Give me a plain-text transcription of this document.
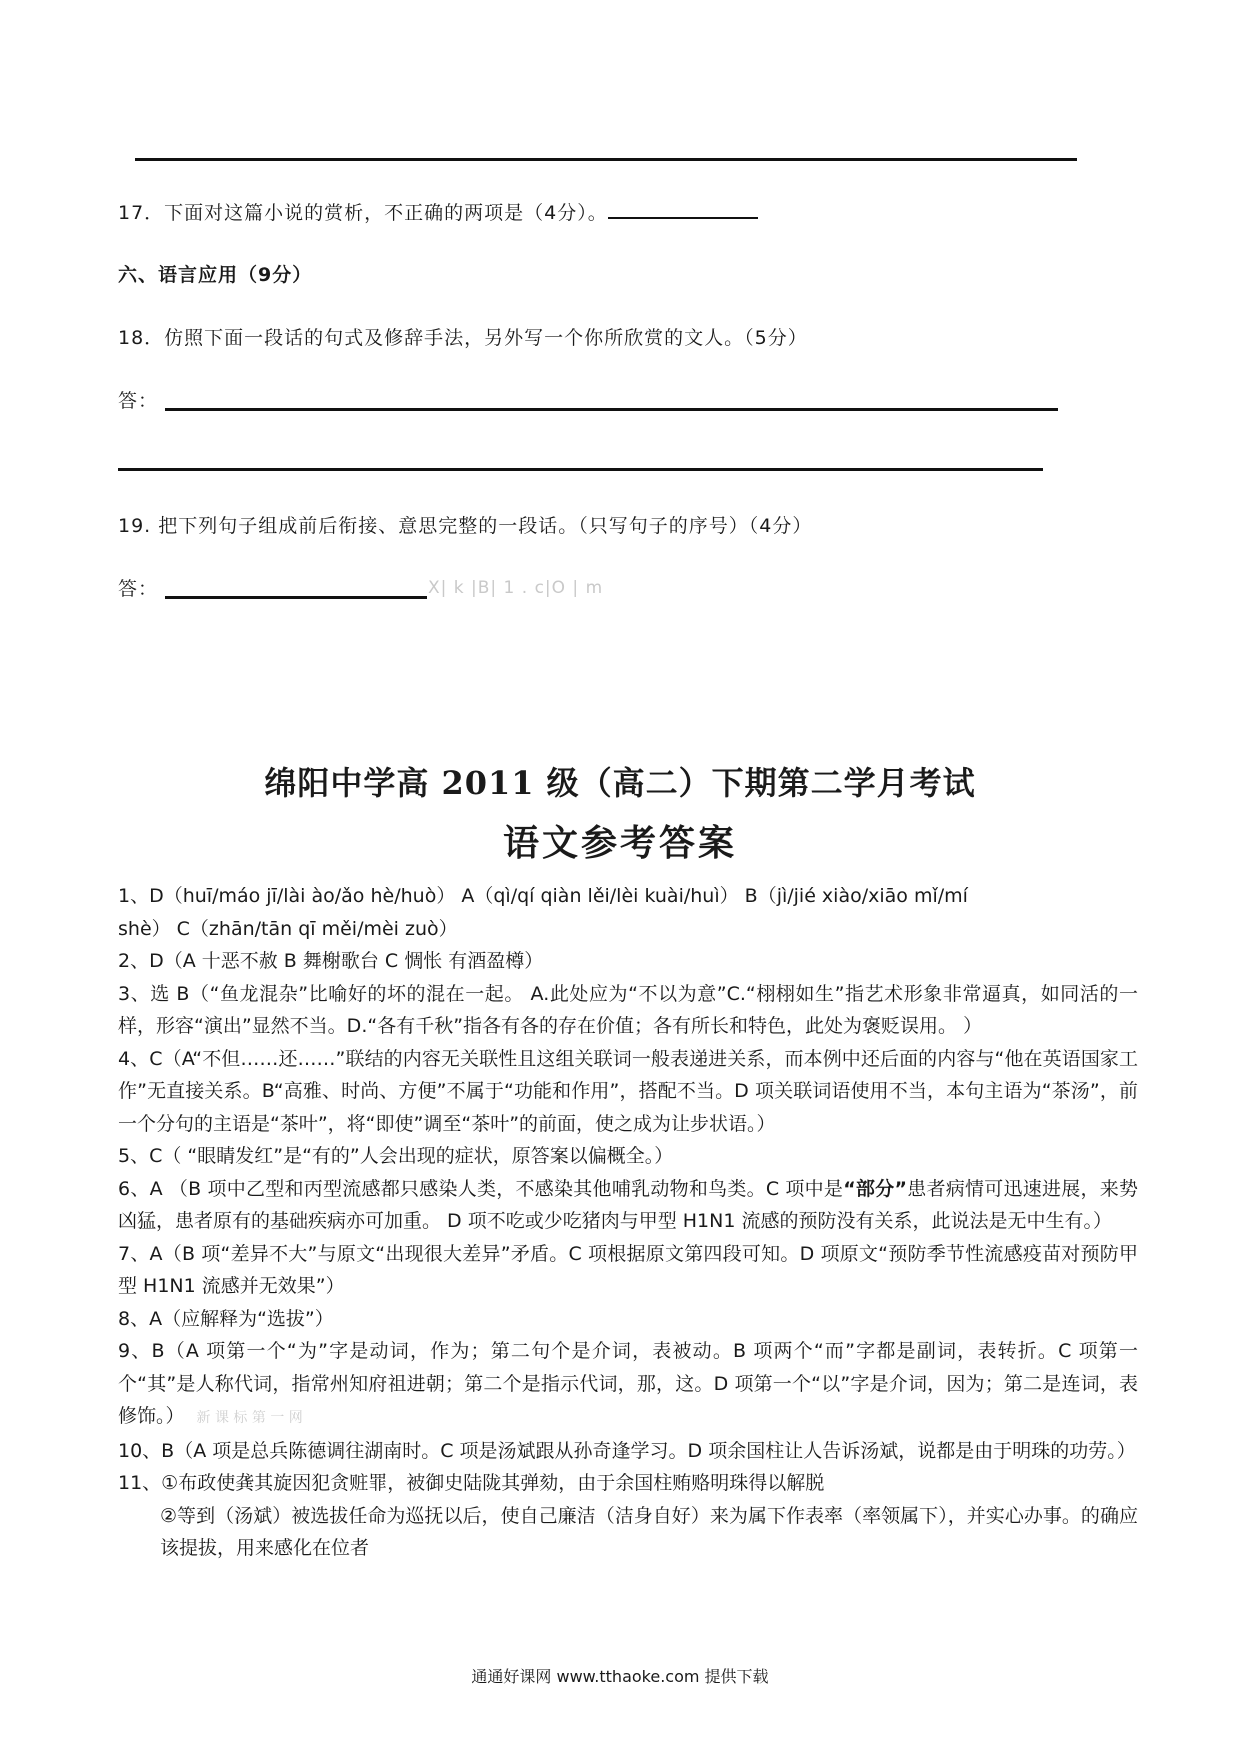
17．下面对这篇小说的赏析，不正确的两项是（4分）。
六、语言应用（9分）
18．仿照下面一段话的句式及修辞手法，另外写一个你所欣赏的文人。（5分）
答：
19. 把下列句子组成前后衔接、意思完整的一段话。（只写句子的序号）（4分）
答：	X| k |B| 1 . c|O | m
绵阳中学高 2011 级（高二）下期第二学月考试
语文参考答案

1、D（huī/máo jī/lài ào/ǎo hè/huò） A（qì/qí qiàn lěi/lèi kuài/huì） B（jì/jié xiào/xiāo mǐ/mí

shè） C（zhān/tān qī měi/mèi zuò）

2、D（A 十恶不赦 B 舞榭歌台 C 惆怅 有酒盈樽）

3、选 B（“鱼龙混杂”比喻好的坏的混在一起。 A.此处应为“不以为意”C.“栩栩如生”指艺术形象非常逼真，如同活的一样，形容“演出”显然不当。D.“各有千秋”指各有各的存在价值；各有所长和特色，此处为褒贬误用。 ）

4、C（A“不但……还……”联结的内容无关联性且这组关联词一般表递进关系，而本例中还后面的内容与“他在英语国家工作”无直接关系。B“高雅、时尚、方便”不属于“功能和作用”，搭配不当。D 项关联词语使用不当，本句主语为“茶汤”，前一个分句的主语是“茶叶”，将“即使”调至“茶叶”的前面，使之成为让步状语。）

5、C（ “眼睛发红”是“有的”人会出现的症状，原答案以偏概全。）

6、A （B 项中乙型和丙型流感都只感染人类，不感染其他哺乳动物和鸟类。C 项中是“部分”患者病情可迅速进展，来势凶猛，患者原有的基础疾病亦可加重。 D 项不吃或少吃猪肉与甲型 H1N1 流感的预防没有关系，此说法是无中生有。）

7、A（B 项“差异不大”与原文“出现很大差异”矛盾。C 项根据原文第四段可知。D 项原文“预防季节性流感疫苗对预防甲型 H1N1 流感并无效果”）

8、A（应解释为“选拔”）

9、B（A 项第一个“为”字是动词，作为；第二句个是介词，表被动。B 项两个“而”字都是副词，表转折。C 项第一个“其”是人称代词，指常州知府祖进朝；第二个是指示代词，那，这。D 项第一个“以”字是介词，因为；第二是连词，表修饰。） 新 课 标 第 一 网

10、B（A 项是总兵陈德调往湖南时。C 项是汤斌跟从孙奇逢学习。D 项余国柱让人告诉汤斌，说都是由于明珠的功劳。）

11、①布政使龚其旋因犯贪赃罪，被御史陆陇其弹劾，由于余国柱贿赂明珠得以解脱

②等到（汤斌）被选拔任命为巡抚以后，使自己廉洁（洁身自好）来为属下作表率（率领属下），并实心办事。的确应该提拔，用来感化在位者

通通好课网 www.tthaoke.com 提供下载
